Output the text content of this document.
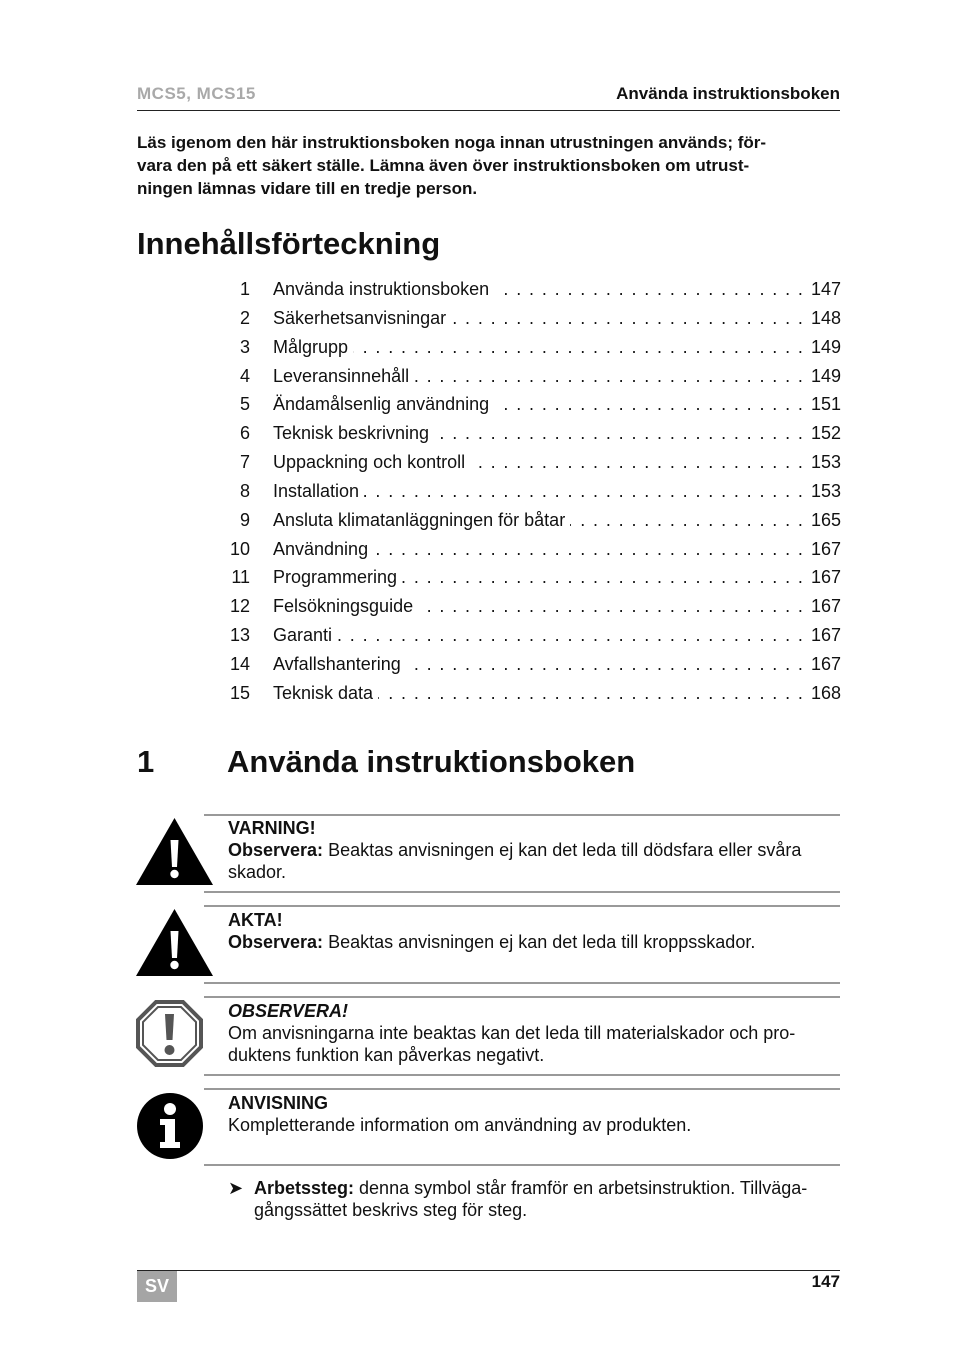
MCS5, MCS15	Använda instruktionsboken
Läs igenom den här instruktionsboken noga innan utrustningen används; för-
vara den på ett säkert ställe. Lämna även över instruktionsboken om utrust-
ningen lämnas vidare till en tredje person.
Innehållsförteckning
1 Använda instruktionsboken . . .	147
2 Säkerhetsanvisningar . . .	148
3 Målgrupp . . .	149
4 Leveransinnehåll . . .	149
5 Ändamålsenlig användning . . .	151
6 Teknisk beskrivning . . .	152
7 Uppackning och kontroll . . .	153
8 Installation . . .	153
9 Ansluta klimatanläggningen för båtar . . .	165
10 Användning . . .	167
11 Programmering . . .	167
12 Felsökningsguide . . .	167
13 Garanti . . .	167
14 Avfallshantering . . .	167
15 Teknisk data . . .	168
1 Använda instruktionsboken
VARNING!
Observera: Beaktas anvisningen ej kan det leda till dödsfara eller svåra
skador.
AKTA!
Observera: Beaktas anvisningen ej kan det leda till kroppsskador.
OBSERVERA!
Om anvisningarna inte beaktas kan det leda till materialskador och pro-
duktens funktion kan påverkas negativt.
ANVISNING
Kompletterande information om användning av produkten.
➤ Arbetssteg: denna symbol står framför en arbetsinstruktion. Tillväga-
gångssättet beskrivs steg för steg.
SV	147
